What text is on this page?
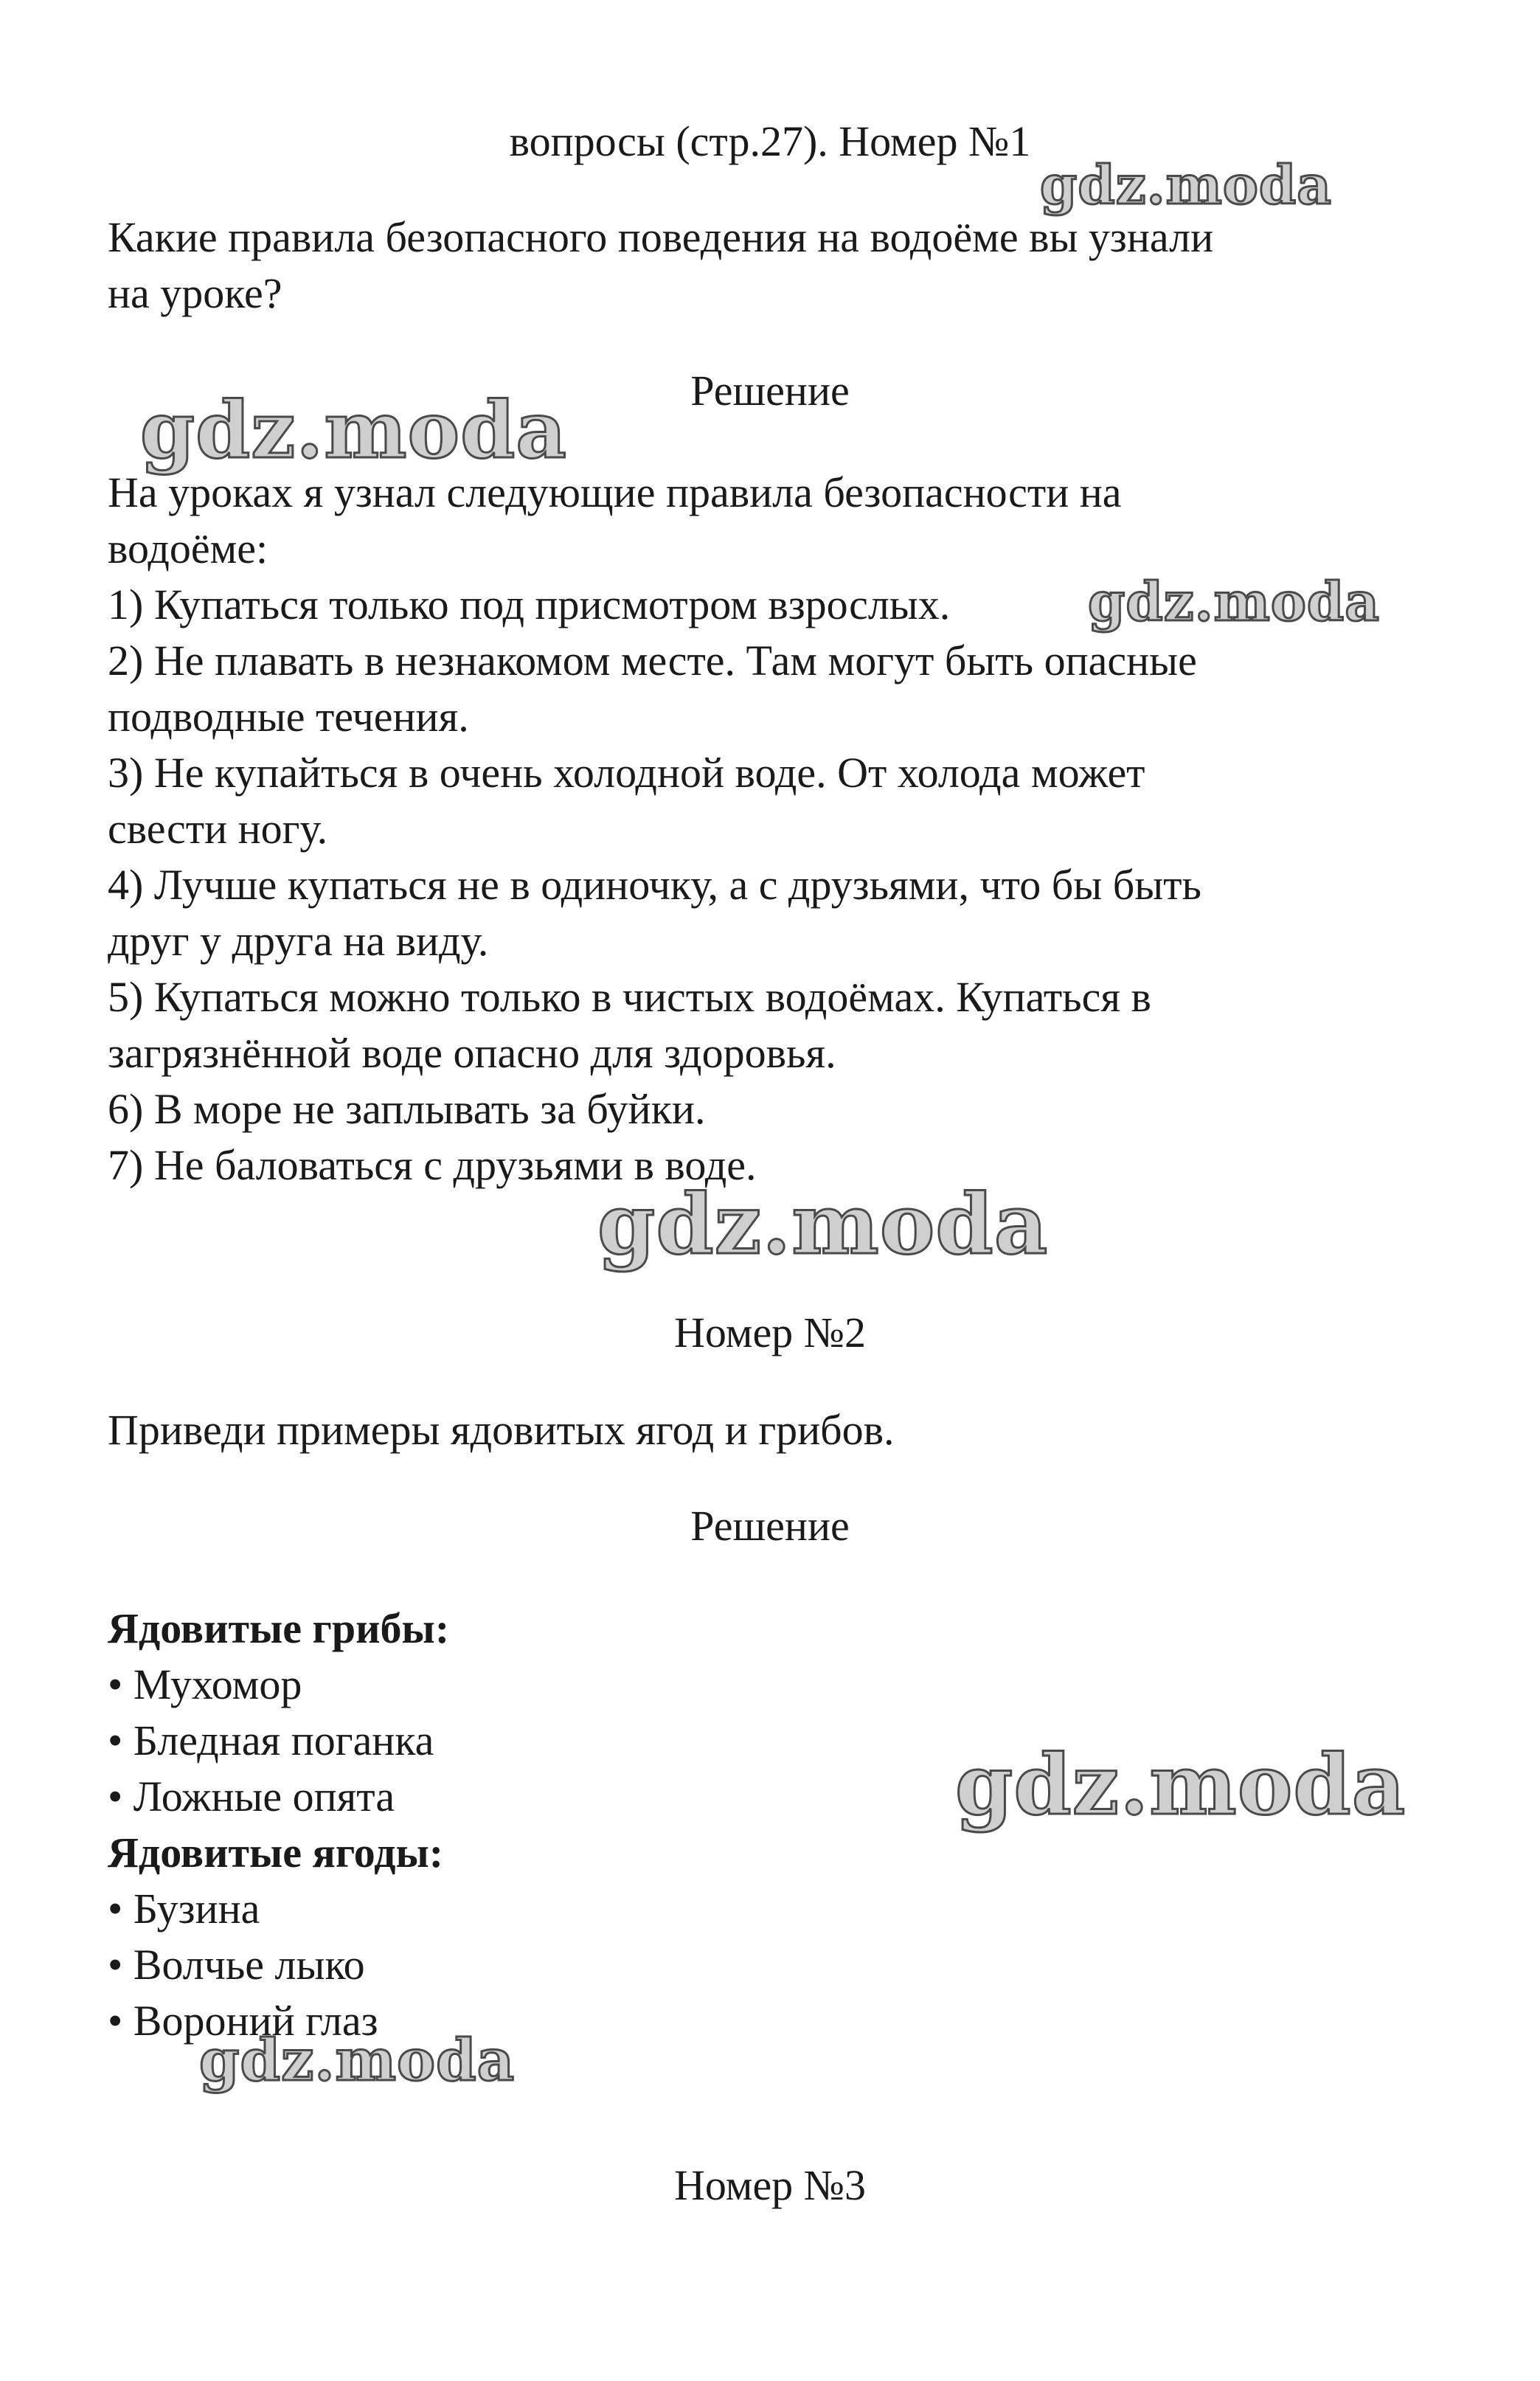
вопросы (стр.27). Номер №1
Какие правила безопасного поведения на водоёме вы узнали
на уроке?
Решение
На уроках я узнал следующие правила безопасности на
водоёме:
1) Купаться только под присмотром взрослых.
2) Не плавать в незнакомом месте. Там могут быть опасные
подводные течения.
3) Не купайться в очень холодной воде. От холода может
свести ногу.
4) Лучше купаться не в одиночку, а с друзьями, что бы быть
друг у друга на виду.
5) Купаться можно только в чистых водоёмах. Купаться в
загрязнённой воде опасно для здоровья.
6) В море не заплывать за буйки.
7) Не баловаться с друзьями в воде.
Номер №2
Приведи примеры ядовитых ягод и грибов.
Решение
Ядовитые грибы:
• Мухомор
• Бледная поганка
• Ложные опята
Ядовитые ягоды:
• Бузина
• Волчье лыко
• Вороний глаз
Номер №3
gdz.moda
gdz.moda
gdz.moda
gdz.moda
gdz.moda
gdz.moda
